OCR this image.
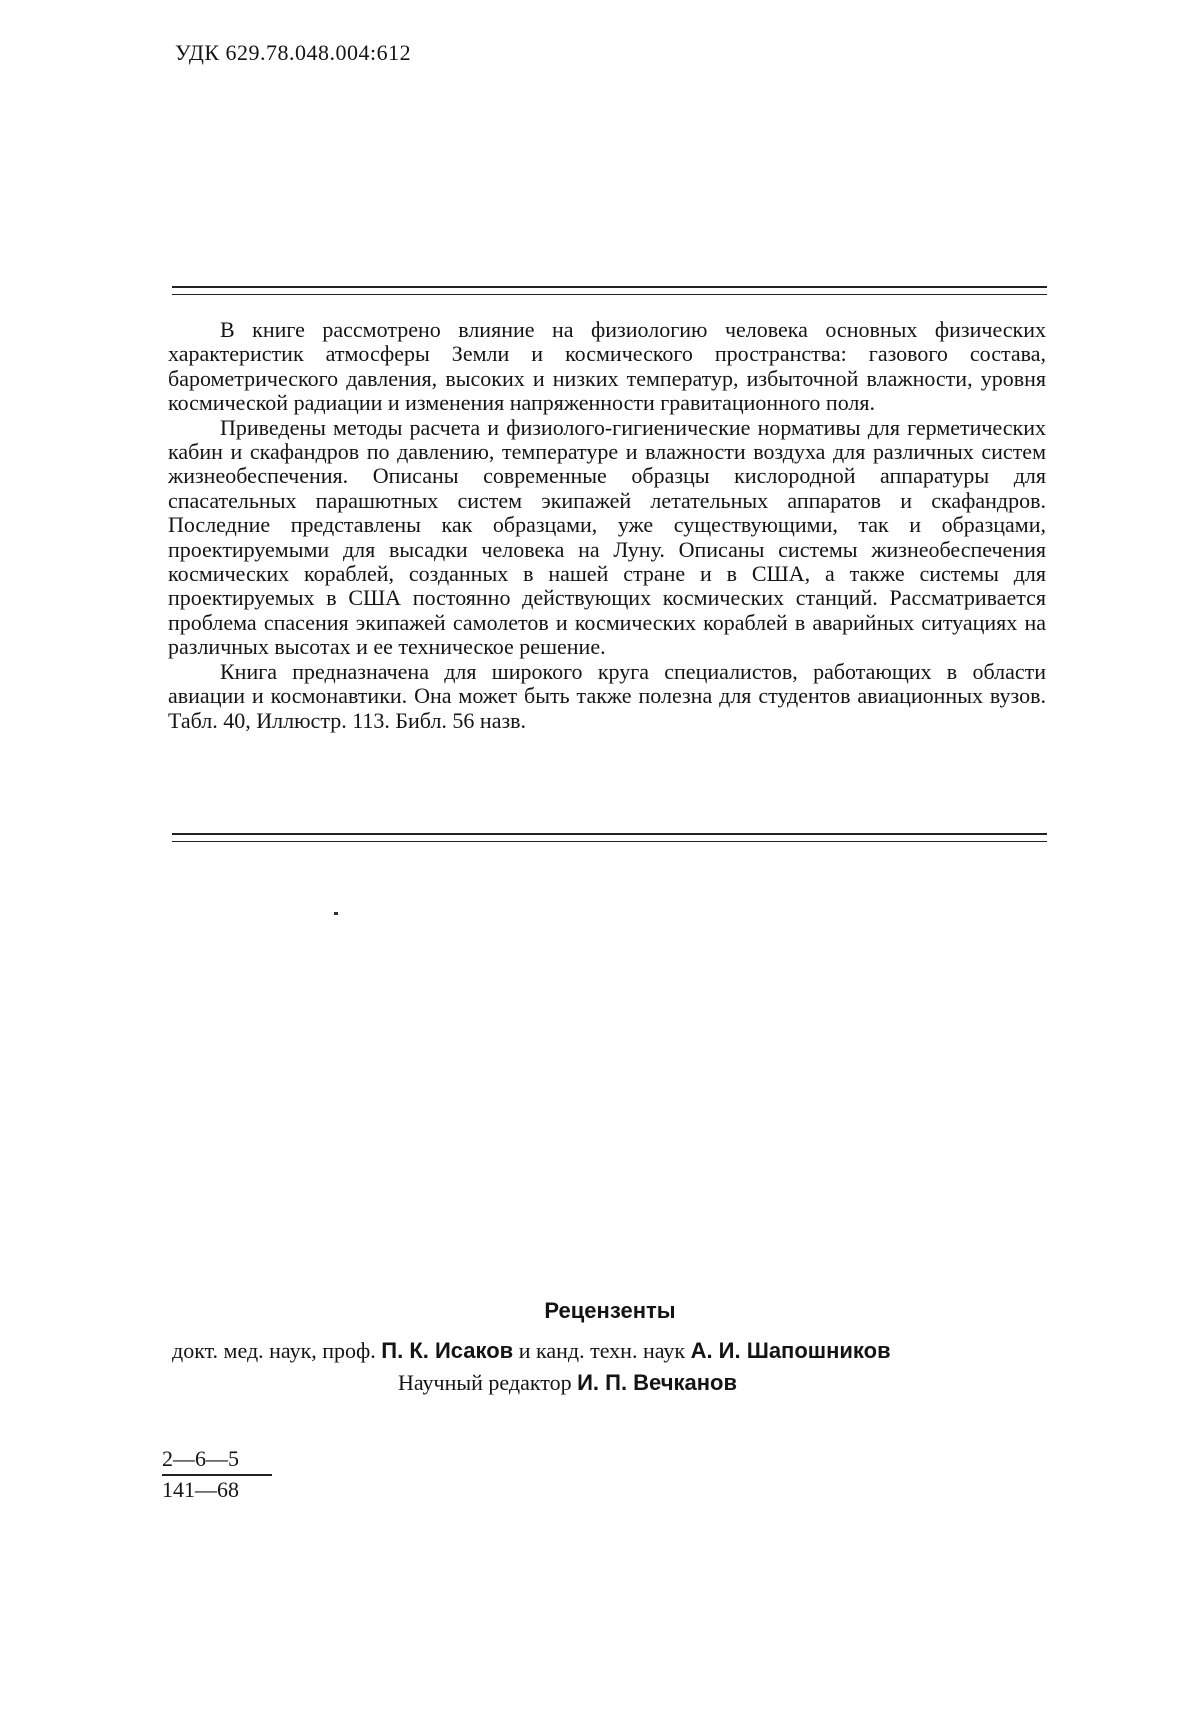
УДК 629.78.048.004:612

В книге рассмотрено влияние на физиологию человека основных физических характеристик атмосферы Земли и космического пространства: газового состава, барометрического давления, высоких и низких температур, избыточной влажности, уровня космической радиации и изменения напряженности гравитационного поля.

Приведены методы расчета и физиолого-гигиенические нормативы для герметических кабин и скафандров по давлению, температуре и влажности воздуха для различных систем жизнеобеспечения. Описаны современные образцы кислородной аппаратуры для спасательных парашютных систем экипажей летательных аппаратов и скафандров. Последние представлены как образцами, уже существующими, так и образцами, проектируемыми для высадки человека на Луну. Описаны системы жизнеобеспечения космических кораблей, созданных в нашей стране и в США, а также системы для проектируемых в США постоянно действующих космических станций. Рассматривается проблема спасения экипажей самолетов и космических кораблей в аварийных ситуациях на различных высотах и ее техническое решение.

Книга предназначена для широкого круга специалистов, работающих в области авиации и космонавтики. Она может быть также полезна для студентов авиационных вузов. Табл. 40, Иллюстр. 113. Библ. 56 назв.

Рецензенты
докт. мед. наук, проф. П. К. Исаков и канд. техн. наук А. И. Шапошников
Научный редактор И. П. Вечканов
$\frac{2—6—5}{141—68}$
